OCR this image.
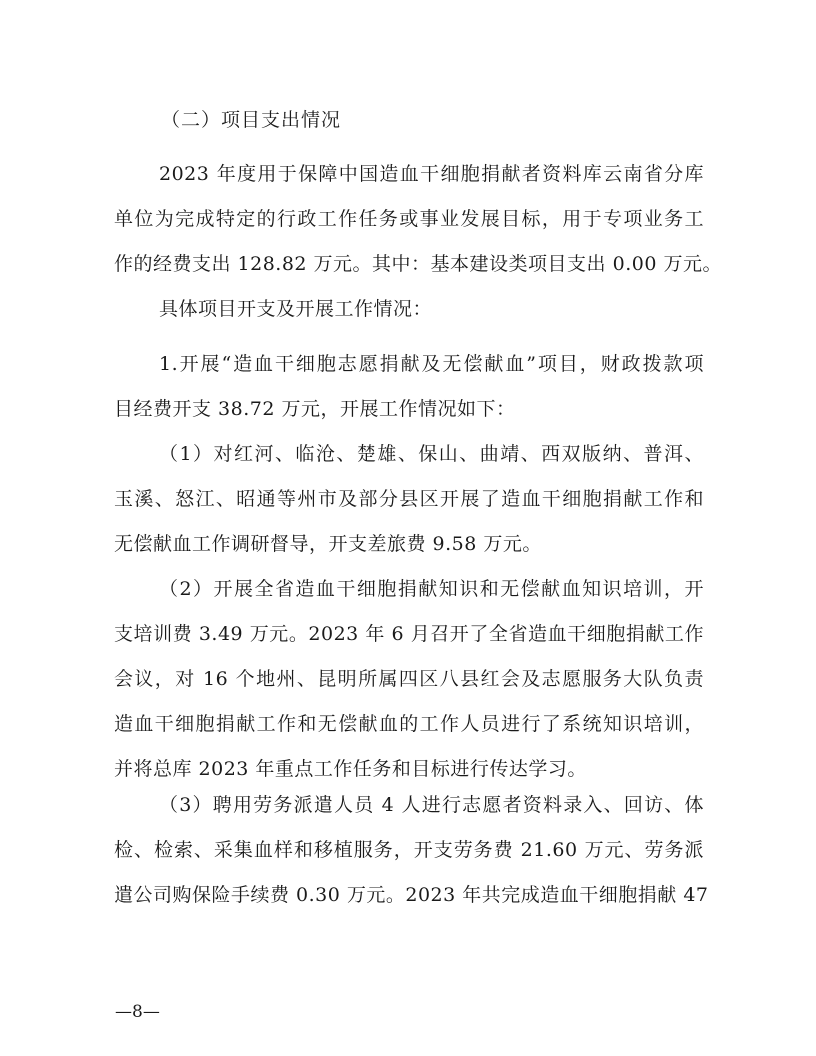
（二）项目支出情况
2023 年度用于保障中国造血干细胞捐献者资料库云南省分库
单位为完成特定的行政工作任务或事业发展目标，用于专项业务工
作的经费支出 128.82 万元。其中：基本建设类项目支出 0.00 万元。
具体项目开支及开展工作情况：
1.开展“造血干细胞志愿捐献及无偿献血”项目，财政拨款项
目经费开支 38.72 万元，开展工作情况如下：
（1）对红河、临沧、楚雄、保山、曲靖、西双版纳、普洱、
玉溪、怒江、昭通等州市及部分县区开展了造血干细胞捐献工作和
无偿献血工作调研督导，开支差旅费 9.58 万元。
（2）开展全省造血干细胞捐献知识和无偿献血知识培训，开
支培训费 3.49 万元。2023 年 6 月召开了全省造血干细胞捐献工作
会议，对 16 个地州、昆明所属四区八县红会及志愿服务大队负责
造血干细胞捐献工作和无偿献血的工作人员进行了系统知识培训，
并将总库 2023 年重点工作任务和目标进行传达学习。
（3）聘用劳务派遣人员 4 人进行志愿者资料录入、回访、体
检、检索、采集血样和移植服务，开支劳务费 21.60 万元、劳务派
遣公司购保险手续费 0.30 万元。2023 年共完成造血干细胞捐献 47
—8—
